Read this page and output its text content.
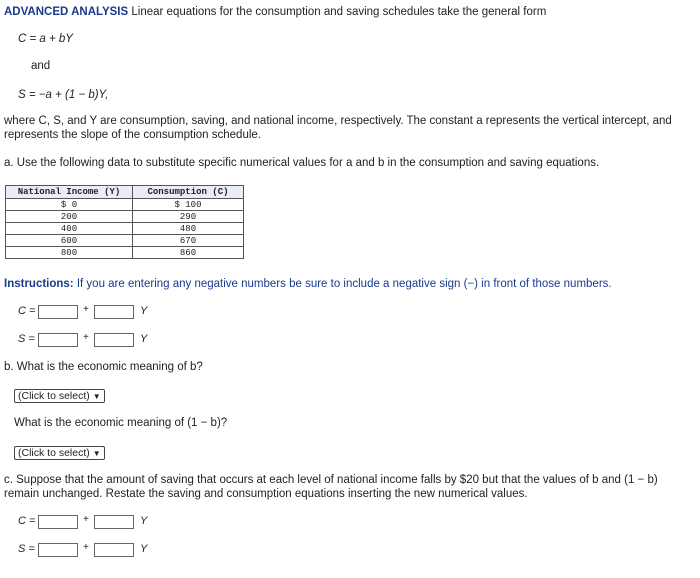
ADVANCED ANALYSIS Linear equations for the consumption and saving schedules take the general form
C = a + bY
and
S = −a + (1 − b)Y,
where C, S, and Y are consumption, saving, and national income, respectively. The constant a represents the vertical intercept, and
represents the slope of the consumption schedule.
a. Use the following data to substitute specific numerical values for a and b in the consumption and saving equations.
National Income (Y)	Consumption (C)
$ 0	$ 100
200	290
400	480
600	670
800	860
Instructions: If you are entering any negative numbers be sure to include a negative sign (−) in front of those numbers.
C =	+	Y
S =	+	Y
b. What is the economic meaning of b?
(Click to select) ▼
What is the economic meaning of (1 − b)?
(Click to select) ▼
c. Suppose that the amount of saving that occurs at each level of national income falls by $20 but that the values of b and (1 − b)
remain unchanged. Restate the saving and consumption equations inserting the new numerical values.
C =	+	Y
S =	+	Y
